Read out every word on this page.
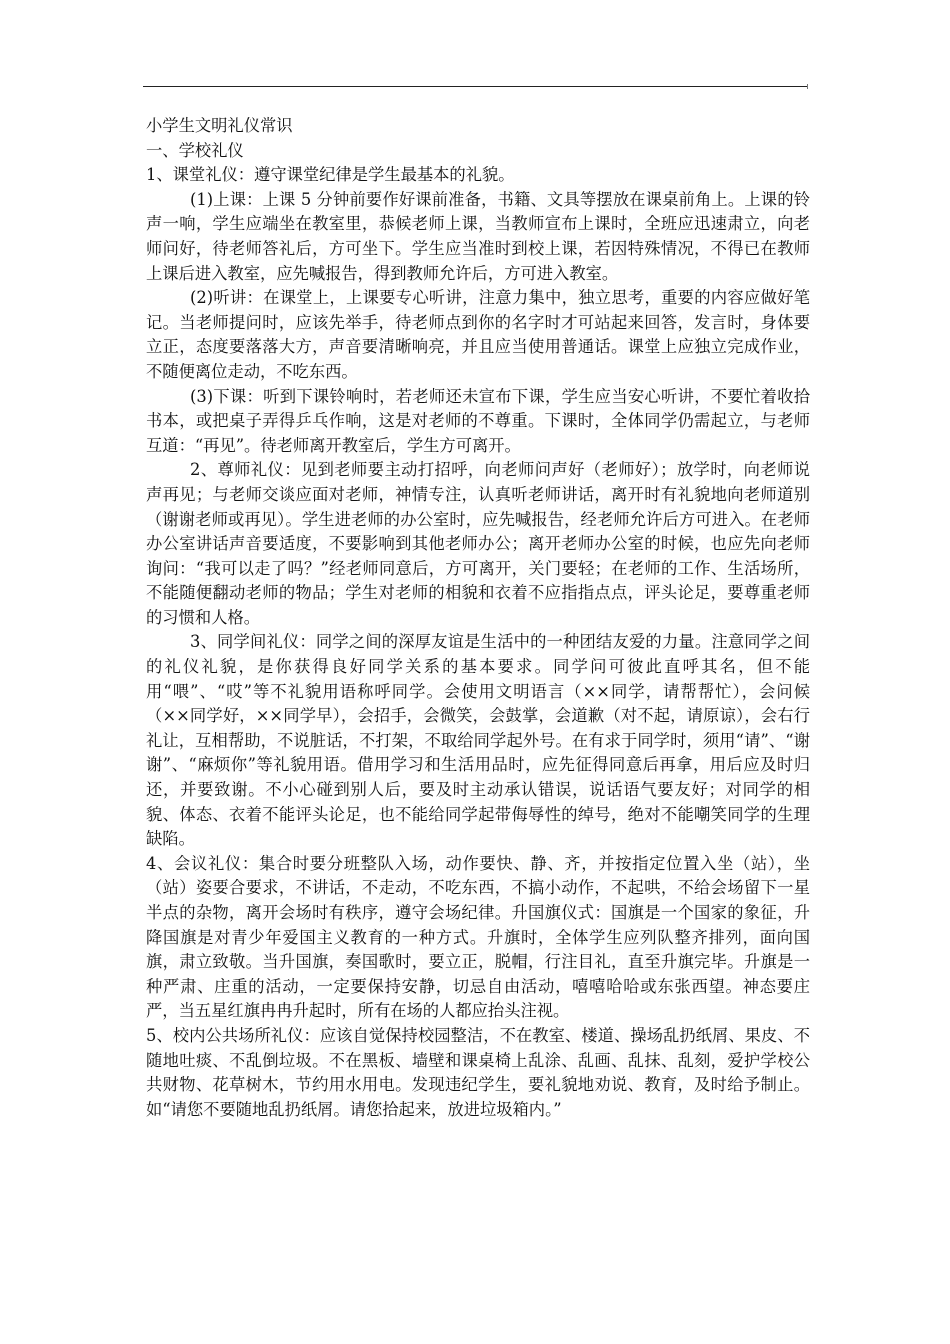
小学生文明礼仪常识

一、学校礼仪

1、课堂礼仪：遵守课堂纪律是学生最基本的礼貌。

(1)上课：上课 5 分钟前要作好课前准备，书籍、文具等摆放在课桌前角上。上课的铃声一响，学生应端坐在教室里，恭候老师上课，当教师宣布上课时，全班应迅速肃立，向老师问好，待老师答礼后，方可坐下。学生应当准时到校上课，若因特殊情况，不得已在教师上课后进入教室，应先喊报告，得到教师允许后，方可进入教室。

(2)听讲：在课堂上，上课要专心听讲，注意力集中，独立思考，重要的内容应做好笔记。当老师提问时，应该先举手，待老师点到你的名字时才可站起来回答，发言时，身体要立正，态度要落落大方，声音要清晰响亮，并且应当使用普通话。课堂上应独立完成作业，不随便离位走动，不吃东西。

(3)下课：听到下课铃响时，若老师还未宣布下课，学生应当安心听讲，不要忙着收拾书本，或把桌子弄得乒乓作响，这是对老师的不尊重。下课时，全体同学仍需起立，与老师互道：“再见”。待老师离开教室后，学生方可离开。

2、尊师礼仪：见到老师要主动打招呼，向老师问声好（老师好）；放学时，向老师说声再见；与老师交谈应面对老师，神情专注，认真听老师讲话，离开时有礼貌地向老师道别（谢谢老师或再见）。学生进老师的办公室时，应先喊报告，经老师允许后方可进入。在老师办公室讲话声音要适度，不要影响到其他老师办公；离开老师办公室的时候，也应先向老师询问：“我可以走了吗？”经老师同意后，方可离开，关门要轻；在老师的工作、生活场所，不能随便翻动老师的物品；学生对老师的相貌和衣着不应指指点点，评头论足，要尊重老师的习惯和人格。

3、同学间礼仪：同学之间的深厚友谊是生活中的一种团结友爱的力量。注意同学之间的礼仪礼貌，是你获得良好同学关系的基本要求。同学问可彼此直呼其名，但不能用“喂”、“哎”等不礼貌用语称呼同学。会使用文明语言（××同学，请帮帮忙），会问候（××同学好，××同学早），会招手，会微笑，会鼓掌，会道歉（对不起，请原谅），会右行礼让，互相帮助，不说脏话，不打架，不取给同学起外号。在有求于同学时，须用“请”、“谢谢”、“麻烦你”等礼貌用语。借用学习和生活用品时，应先征得同意后再拿，用后应及时归还，并要致谢。不小心碰到别人后，要及时主动承认错误，说话语气要友好；对同学的相貌、体态、衣着不能评头论足，也不能给同学起带侮辱性的绰号，绝对不能嘲笑同学的生理缺陷。

4、会议礼仪：集合时要分班整队入场，动作要快、静、齐，并按指定位置入坐（站），坐（站）姿要合要求，不讲话，不走动，不吃东西，不搞小动作，不起哄，不给会场留下一星半点的杂物，离开会场时有秩序，遵守会场纪律。升国旗仪式：国旗是一个国家的象征，升降国旗是对青少年爱国主义教育的一种方式。升旗时，全体学生应列队整齐排列，面向国旗，肃立致敬。当升国旗，奏国歌时，要立正，脱帽，行注目礼，直至升旗完毕。升旗是一种严肃、庄重的活动，一定要保持安静，切忌自由活动，嘻嘻哈哈或东张西望。神态要庄严，当五星红旗冉冉升起时，所有在场的人都应抬头注视。

5、校内公共场所礼仪：应该自觉保持校园整洁，不在教室、楼道、操场乱扔纸屑、果皮、不随地吐痰、不乱倒垃圾。不在黑板、墙壁和课桌椅上乱涂、乱画、乱抹、乱刻，爱护学校公共财物、花草树木，节约用水用电。发现违纪学生，要礼貌地劝说、教育，及时给予制止。如“请您不要随地乱扔纸屑。请您拾起来，放进垃圾箱内。”
